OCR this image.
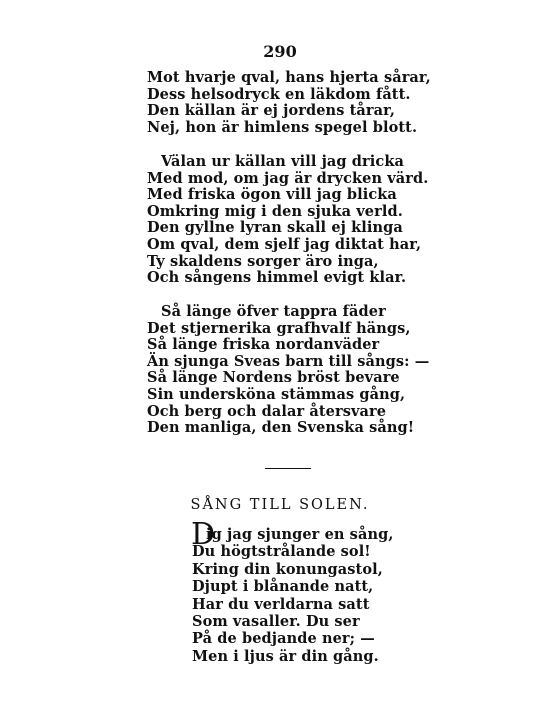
290
Mot hvarje qval, hans hjerta sårar,
Dess helsodryck en läkdom fått.
Den källan är ej jordens tårar,
Nej, hon är himlens spegel blott.
Välan ur källan vill jag dricka
Med mod, om jag är drycken värd.
Med friska ögon vill jag blicka
Omkring mig i den sjuka verld.
Den gyllne lyran skall ej klinga
Om qval, dem sjelf jag diktat har,
Ty skaldens sorger äro inga,
Och sångens himmel evigt klar.
Så länge öfver tappra fäder
Det stjernerika grafhvalf hängs,
Så länge friska nordanväder
Än sjunga Sveas barn till sångs: —
Så länge Nordens bröst bevare
Sin undersköna stämmas gång,
Och berg och dalar återsvare
Den manliga, den Svenska sång!
SÅNG TILL SOLEN.
D
ig jag sjunger en sång,
Du högtstrålande sol!
Kring din konungastol,
Djupt i blånande natt,
Har du verldarna satt
Som vasaller. Du ser
På de bedjande ner; —
Men i ljus är din gång.
